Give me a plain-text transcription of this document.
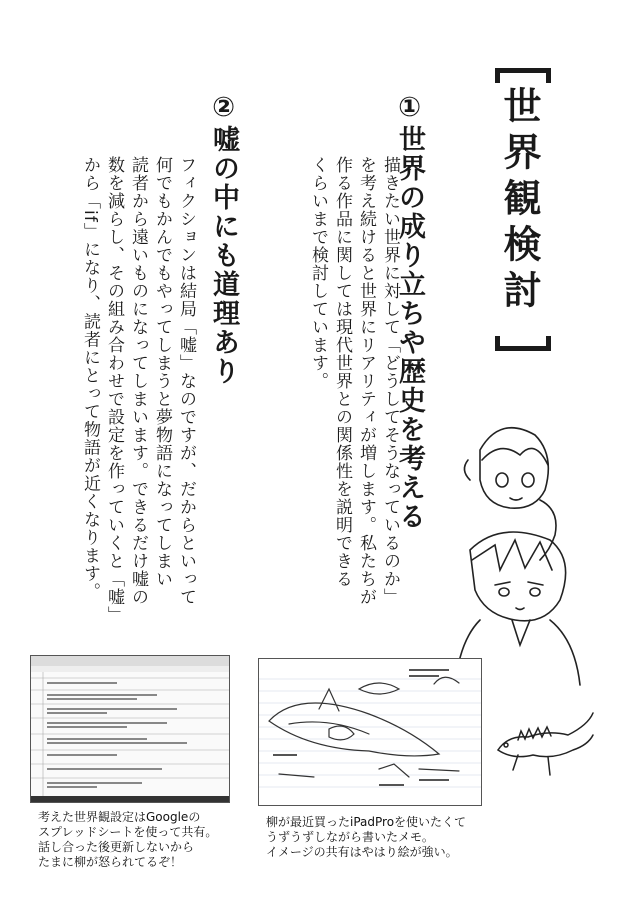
世界観検討
①世界の成り立ちや歴史を考える
描きたい世界に対して「どうしてそうなっているのか」
を考え続けると世界にリアリティが増します。私たちが
作る作品に関しては現代世界との関係性を説明できる
くらいまで検討しています。
②嘘の中にも道理あり
フィクションは結局「嘘」なのですが、だからといって
何でもかんでもやってしまうと夢物語になってしまい
読者から遠いものになってしまいます。できるだけ嘘の
数を減らし、その組み合わせで設定を作っていくと「嘘」
から「if」になり、読者にとって物語が近くなります。
考えた世界観設定はGoogleの
スプレッドシートを使って共有。
話し合った後更新しないから
たまに柳が怒られてるぞ！
柳が最近買ったiPadProを使いたくて
うずうずしながら書いたメモ。
イメージの共有はやはり絵が強い。
